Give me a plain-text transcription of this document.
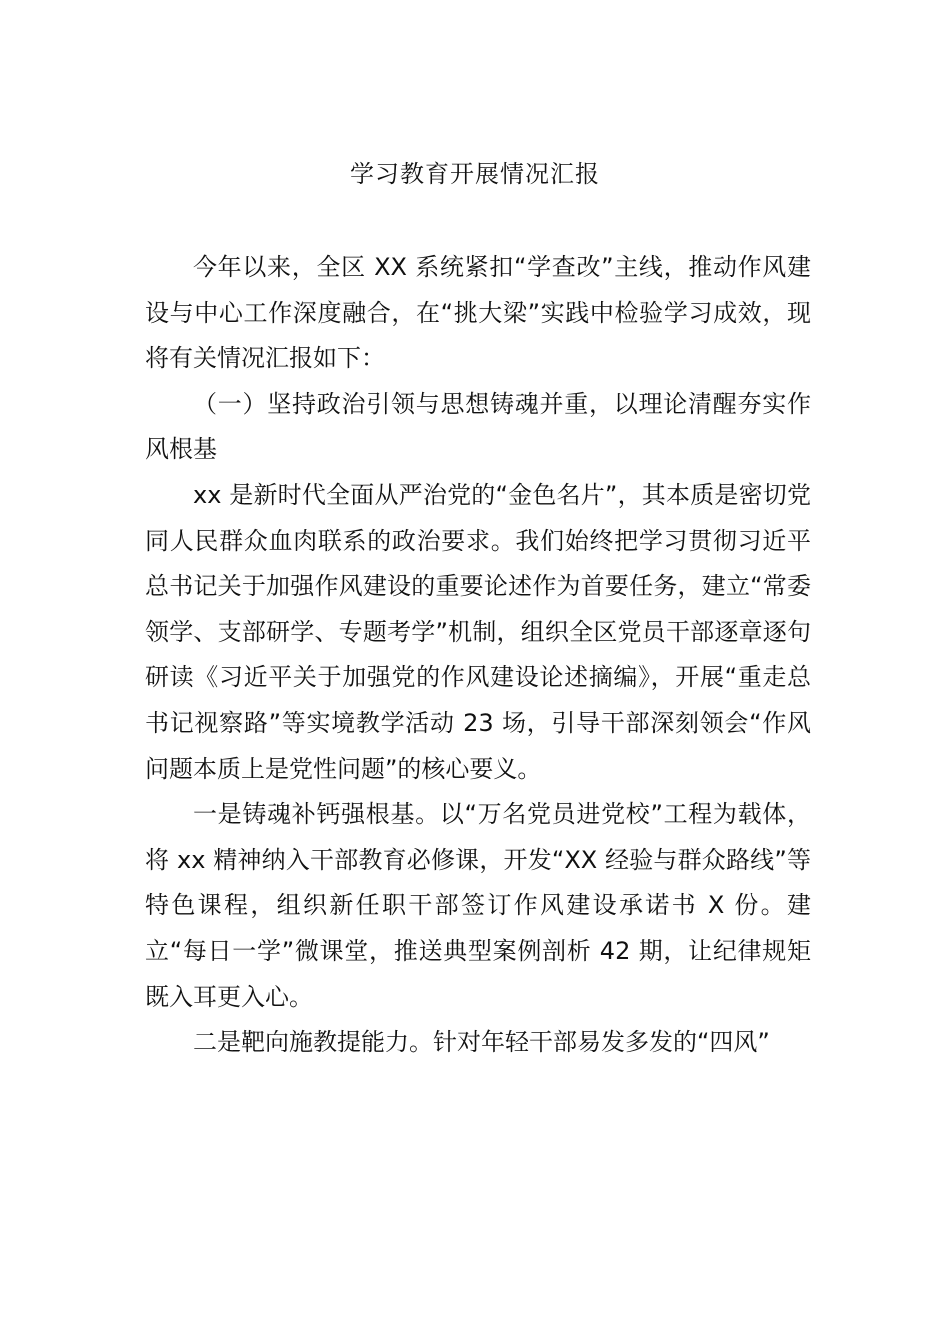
学习教育开展情况汇报

今年以来，全区 XX 系统紧扣“学查改”主线，推动作风建设与中心工作深度融合，在“挑大梁”实践中检验学习成效，现将有关情况汇报如下：

（一）坚持政治引领与思想铸魂并重，以理论清醒夯实作风根基

xx 是新时代全面从严治党的“金色名片”，其本质是密切党同人民群众血肉联系的政治要求。我们始终把学习贯彻习近平总书记关于加强作风建设的重要论述作为首要任务，建立“常委领学、支部研学、专题考学”机制，组织全区党员干部逐章逐句研读《习近平关于加强党的作风建设论述摘编》，开展“重走总书记视察路”等实境教学活动 23 场，引导干部深刻领会“作风问题本质上是党性问题”的核心要义。

一是铸魂补钙强根基。以“万名党员进党校”工程为载体，将 xx 精神纳入干部教育必修课，开发“XX 经验与群众路线”等特色课程，组织新任职干部签订作风建设承诺书 X 份。建立“每日一学”微课堂，推送典型案例剖析 42 期，让纪律规矩既入耳更入心。

二是靶向施教提能力。针对年轻干部易发多发的“四风”
